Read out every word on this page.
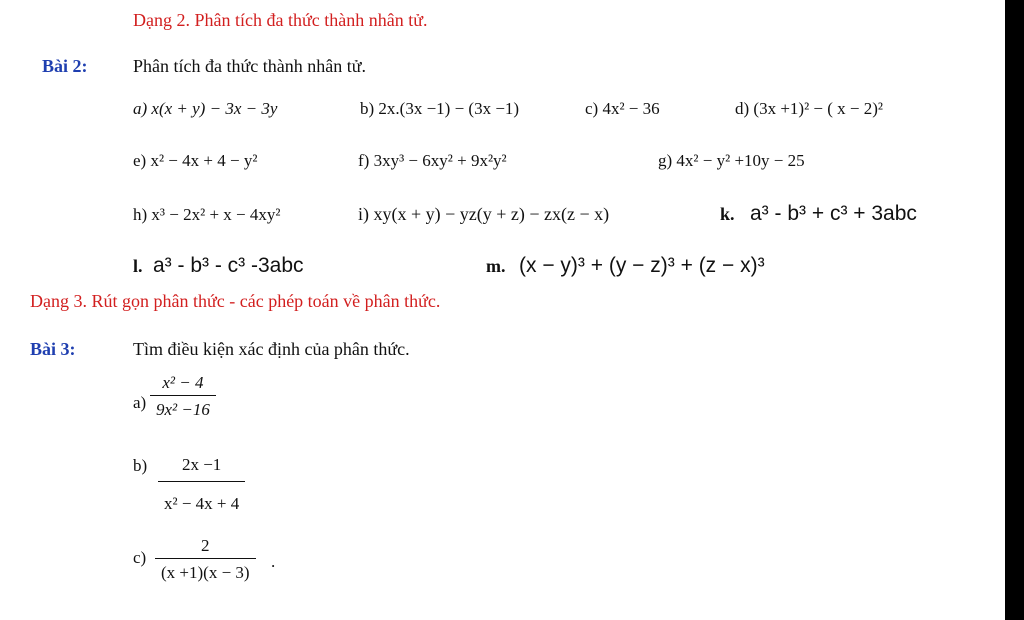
Dạng 2. Phân tích đa thức thành nhân tử.
Bài 2:	Phân tích đa thức thành nhân tử.
a) x(x + y) − 3x − 3y	b) 2x.(3x −1) − (3x −1)	c) 4x² − 36	d) (3x +1)² − ( x − 2)²
e) x² − 4x + 4 − y²	f) 3xy³ − 6xy² + 9x²y²	g) 4x² − y² +10y − 25
h) x³ − 2x² + x − 4xy²	i) xy(x + y) − yz(y + z) − zx(z − x)	k. a³ - b³ + c³ + 3abc
l. a³ - b³ - c³ -3abc	m. (x − y)³ + (y − z)³ + (z − x)³
Dạng 3. Rút gọn phân thức - các phép toán về phân thức.
Bài 3:	Tìm điều kiện xác định của phân thức.
a)
x² − 4
9x² −16
b)	2x −1
x² − 4x + 4
c)
2
(x +1)(x − 3)
.
